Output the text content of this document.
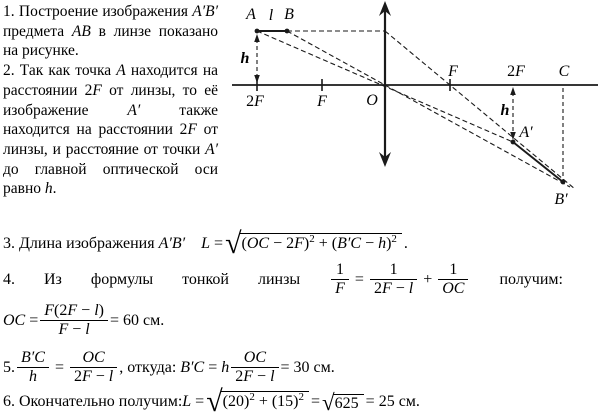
1. Построение изображения A′B′ предмета AB в линзе показано на рисунке.

2. Так как точка A находится на расстоянии 2F от линзы, то её изображение A′ также находится на расстоянии 2F от линзы, и расстояние от точки A′ до главной оптической оси равно h.

A l B
h
2F	F O
F	2F C
h
A′
B′
3. Длина изображения A′B′ L = √ $(OC - 2F)^2 + (B'C - h)^2$ .
4. Из формулы тонкой линзы $\frac{1}{F} = \frac{1}{2F - l} + \frac{1}{OC}$ получим:
OC = $\frac{F(2F - l)}{F - l} = 60$ см.
5. $\frac{B'C}{h} = \frac{OC}{2F - l}$ , откуда: B′C = h $\frac{OC}{2F - l} = 30$ см.
6. Окончательно получим: L = √ $(20)^2 + (15)^2$ = √ 625 = 25 см.
